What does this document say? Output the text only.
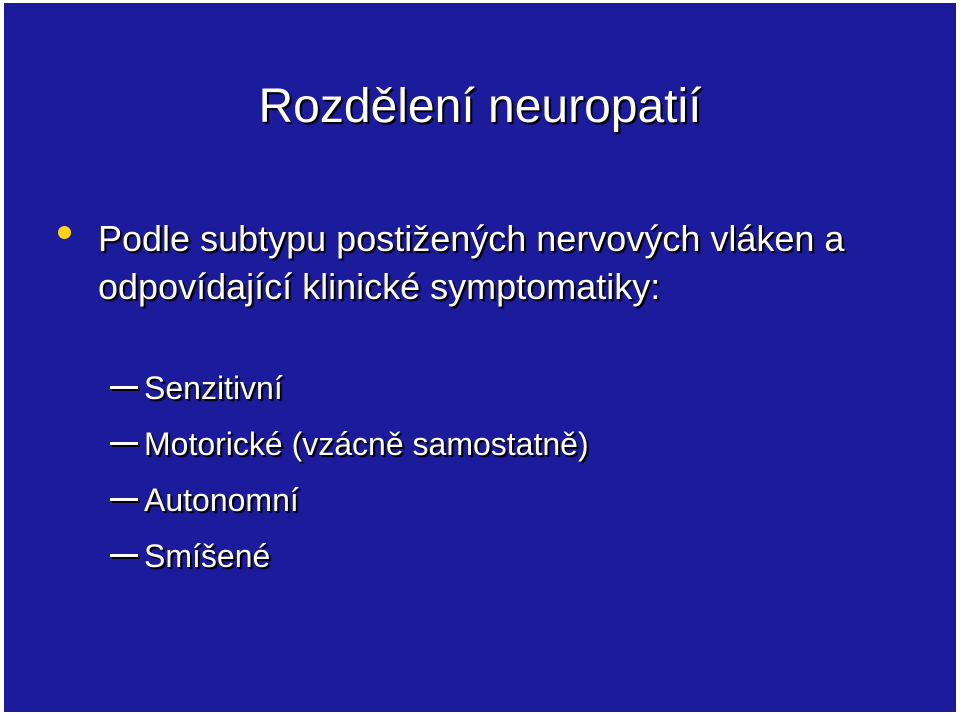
Rozdělení neuropatií
Podle subtypu postižených nervových vláken a odpovídající klinické symptomatiky:
Senzitivní
Motorické (vzácně samostatně)
Autonomní
Smíšené
